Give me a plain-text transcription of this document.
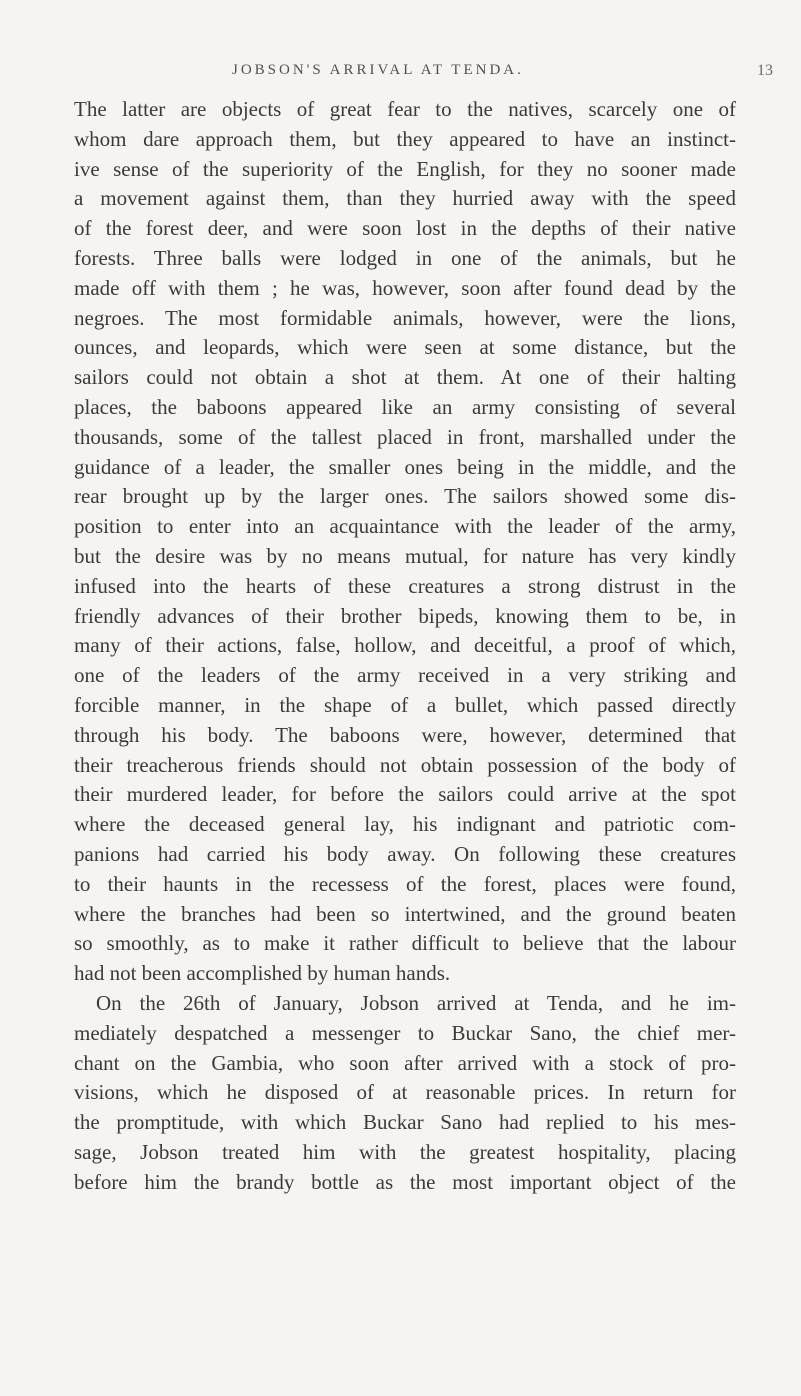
JOBSON'S ARRIVAL AT TENDA.	13
The latter are objects of great fear to the natives, scarcely one of
whom dare approach them, but they appeared to have an instinct-
ive sense of the superiority of the English, for they no sooner made
a movement against them, than they hurried away with the speed
of the forest deer, and were soon lost in the depths of their native
forests. Three balls were lodged in one of the animals, but he
made off with them ; he was, however, soon after found dead by the
negroes. The most formidable animals, however, were the lions,
ounces, and leopards, which were seen at some distance, but the
sailors could not obtain a shot at them. At one of their halting
places, the baboons appeared like an army consisting of several
thousands, some of the tallest placed in front, marshalled under the
guidance of a leader, the smaller ones being in the middle, and the
rear brought up by the larger ones. The sailors showed some dis-
position to enter into an acquaintance with the leader of the army,
but the desire was by no means mutual, for nature has very kindly
infused into the hearts of these creatures a strong distrust in the
friendly advances of their brother bipeds, knowing them to be, in
many of their actions, false, hollow, and deceitful, a proof of which,
one of the leaders of the army received in a very striking and
forcible manner, in the shape of a bullet, which passed directly
through his body. The baboons were, however, determined that
their treacherous friends should not obtain possession of the body of
their murdered leader, for before the sailors could arrive at the spot
where the deceased general lay, his indignant and patriotic com-
panions had carried his body away. On following these creatures
to their haunts in the recessess of the forest, places were found,
where the branches had been so intertwined, and the ground beaten
so smoothly, as to make it rather difficult to believe that the labour
had not been accomplished by human hands.
On the 26th of January, Jobson arrived at Tenda, and he im-
mediately despatched a messenger to Buckar Sano, the chief mer-
chant on the Gambia, who soon after arrived with a stock of pro-
visions, which he disposed of at reasonable prices. In return for
the promptitude, with which Buckar Sano had replied to his mes-
sage, Jobson treated him with the greatest hospitality, placing
before him the brandy bottle as the most important object of the
